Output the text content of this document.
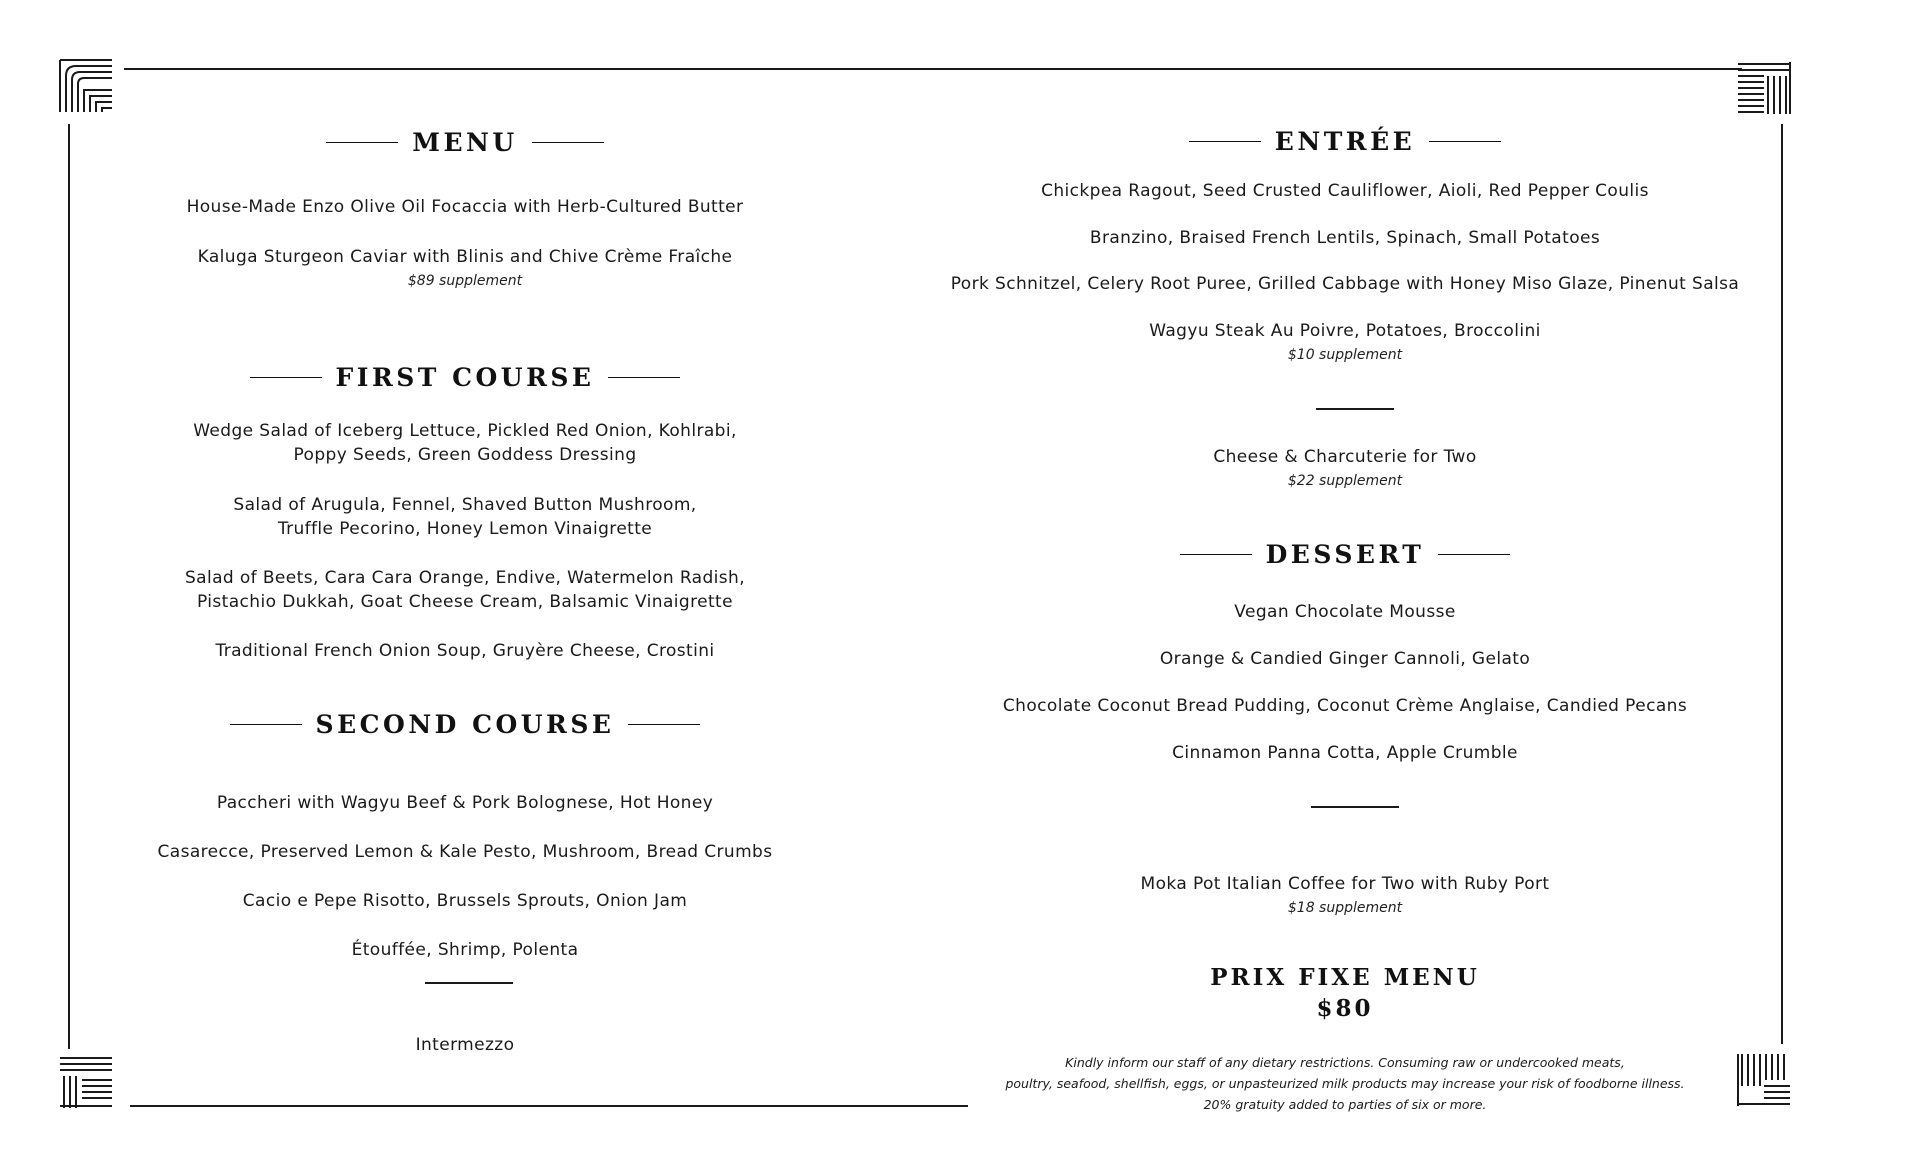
MENU
House-Made Enzo Olive Oil Focaccia with Herb-Cultured Butter
Kaluga Sturgeon Caviar with Blinis and Chive Crème Fraîche
$89 supplement
FIRST COURSE
Wedge Salad of Iceberg Lettuce, Pickled Red Onion, Kohlrabi,
Poppy Seeds, Green Goddess Dressing
Salad of Arugula, Fennel, Shaved Button Mushroom,
Truffle Pecorino, Honey Lemon Vinaigrette
Salad of Beets, Cara Cara Orange, Endive, Watermelon Radish,
Pistachio Dukkah, Goat Cheese Cream, Balsamic Vinaigrette
Traditional French Onion Soup, Gruyère Cheese, Crostini
SECOND COURSE
Paccheri with Wagyu Beef & Pork Bolognese, Hot Honey
Casarecce, Preserved Lemon & Kale Pesto, Mushroom, Bread Crumbs
Cacio e Pepe Risotto, Brussels Sprouts, Onion Jam
Étouffée, Shrimp, Polenta
Intermezzo
ENTRÉE
Chickpea Ragout, Seed Crusted Cauliflower, Aioli, Red Pepper Coulis
Branzino, Braised French Lentils, Spinach, Small Potatoes
Pork Schnitzel, Celery Root Puree, Grilled Cabbage with Honey Miso Glaze, Pinenut Salsa
Wagyu Steak Au Poivre, Potatoes, Broccolini
$10 supplement
Cheese & Charcuterie for Two
$22 supplement
DESSERT
Vegan Chocolate Mousse
Orange & Candied Ginger Cannoli, Gelato
Chocolate Coconut Bread Pudding, Coconut Crème Anglaise, Candied Pecans
Cinnamon Panna Cotta, Apple Crumble
Moka Pot Italian Coffee for Two with Ruby Port
$18 supplement
PRIX FIXE MENU
$80
Kindly inform our staff of any dietary restrictions. Consuming raw or undercooked meats,
poultry, seafood, shellfish, eggs, or unpasteurized milk products may increase your risk of foodborne illness.
20% gratuity added to parties of six or more.
